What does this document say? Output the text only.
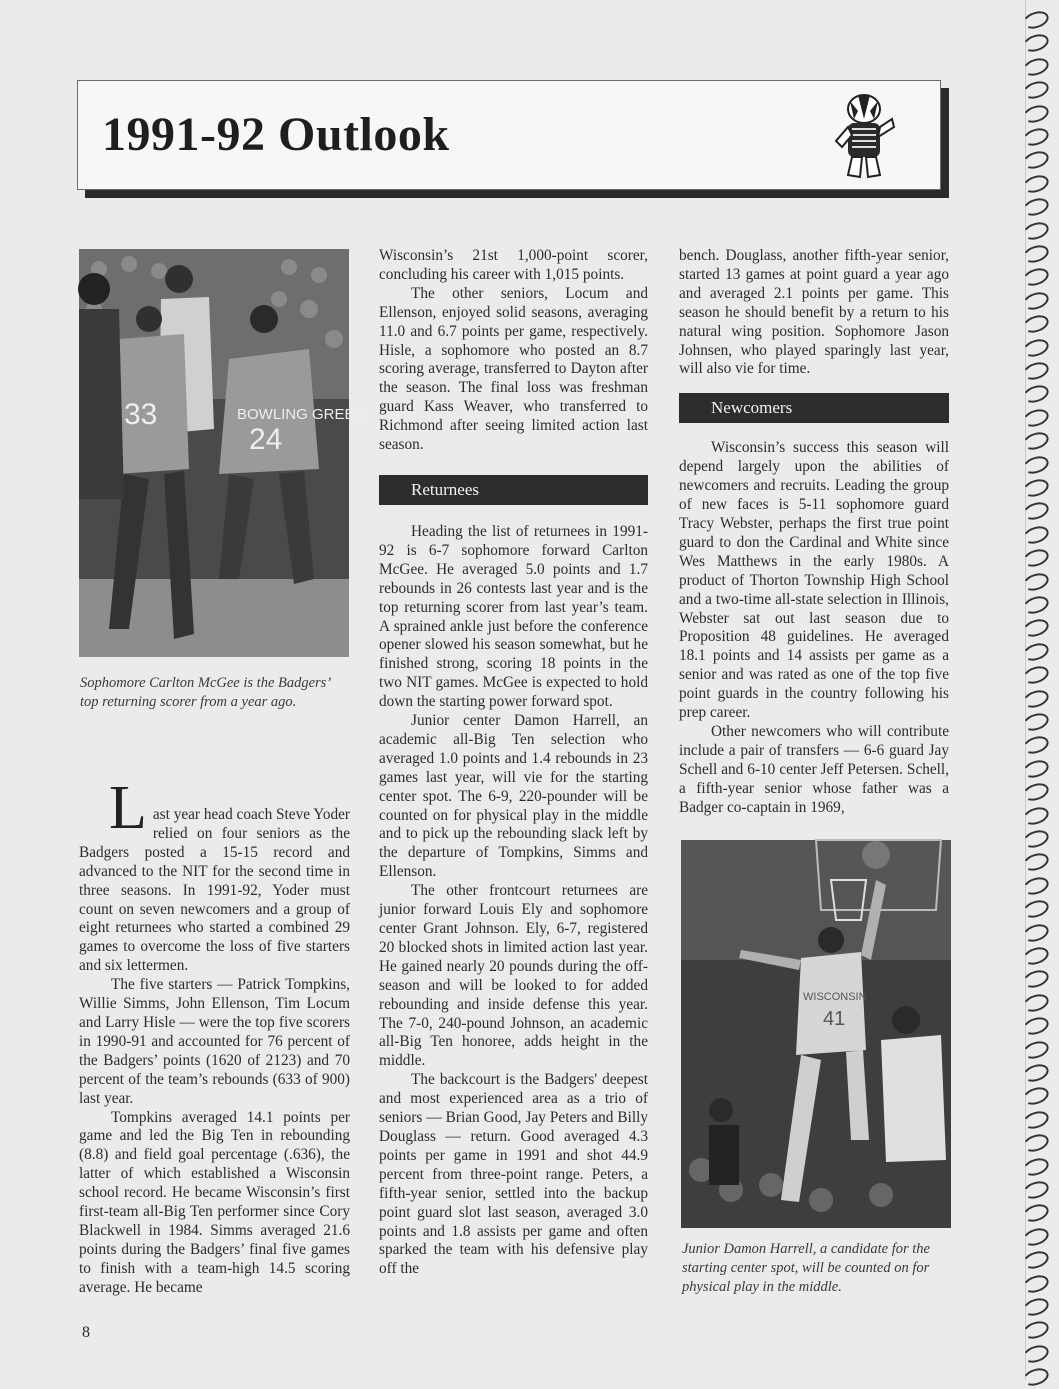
1991-92 Outlook
BOWLING GREEN
24
33

Sophomore Carlton McGee is the Badgers’ top returning scorer from a year ago.

Last year head coach Steve Yoder relied on four seniors as the Badgers posted a 15-15 record and advanced to the NIT for the second time in three seasons. In 1991-92, Yoder must count on seven newcomers and a group of eight returnees who started a combined 29 games to overcome the loss of five starters and six lettermen.

The five starters — Patrick Tompkins, Willie Simms, John Ellenson, Tim Locum and Larry Hisle — were the top five scorers in 1990-91 and accounted for 76 percent of the Badgers’ points (1620 of 2123) and 70 percent of the team’s rebounds (633 of 900) last year.

Tompkins averaged 14.1 points per game and led the Big Ten in rebounding (8.8) and field goal percentage (.636), the latter of which established a Wisconsin school record. He became Wisconsin’s first first-team all-Big Ten performer since Cory Blackwell in 1984. Simms averaged 21.6 points during the Badgers’ final five games to finish with a team-high 14.5 scoring average. He became

Wisconsin’s 21st 1,000-point scorer, concluding his career with 1,015 points.

The other seniors, Locum and Ellenson, enjoyed solid seasons, averaging 11.0 and 6.7 points per game, respectively. Hisle, a sophomore who posted an 8.7 scoring average, transferred to Dayton after the season. The final loss was freshman guard Kass Weaver, who transferred to Richmond after seeing limited action last season.

Returnees

Heading the list of returnees in 1991-92 is 6-7 sophomore forward Carlton McGee. He averaged 5.0 points and 1.7 rebounds in 26 contests last year and is the top returning scorer from last year’s team. A sprained ankle just before the conference opener slowed his season somewhat, but he finished strong, scoring 18 points in the two NIT games. McGee is expected to hold down the starting power forward spot.

Junior center Damon Harrell, an academic all-Big Ten selection who averaged 1.0 points and 1.4 rebounds in 23 games last year, will vie for the starting center spot. The 6-9, 220-pounder will be counted on for physical play in the middle and to pick up the rebounding slack left by the departure of Tompkins, Simms and Ellenson.

The other frontcourt returnees are junior forward Louis Ely and sophomore center Grant Johnson. Ely, 6-7, registered 20 blocked shots in limited action last year. He gained nearly 20 pounds during the off-season and will be looked to for added rebounding and inside defense this year. The 7-0, 240-pound Johnson, an academic all-Big Ten honoree, adds height in the middle.

The backcourt is the Badgers' deepest and most experienced area as a trio of seniors — Brian Good, Jay Peters and Billy Douglass — return. Good averaged 4.3 points per game in 1991 and shot 44.9 percent from three-point range. Peters, a fifth-year senior, settled into the backup point guard slot last season, averaged 3.0 points and 1.8 assists per game and often sparked the team with his defensive play off the

bench. Douglass, another fifth-year senior, started 13 games at point guard a year ago and averaged 2.1 points per game. This season he should benefit by a return to his natural wing position. Sophomore Jason Johnsen, who played sparingly last year, will also vie for time.

Newcomers

Wisconsin’s success this season will depend largely upon the abilities of newcomers and recruits. Leading the group of new faces is 5-11 sophomore guard Tracy Webster, perhaps the first true point guard to don the Cardinal and White since Wes Matthews in the early 1980s. A product of Thorton Township High School and a two-time all-state selection in Illinois, Webster sat out last season due to Proposition 48 guidelines. He averaged 18.1 points and 14 assists per game as a senior and was rated as one of the top five point guards in the country following his prep career.

Other newcomers who will contribute include a pair of transfers — 6-6 guard Jay Schell and 6-10 center Jeff Petersen. Schell, a fifth-year senior whose father was a Badger co-captain in 1969,

WISCONSIN
41

Junior Damon Harrell, a candidate for the starting center spot, will be counted on for physical play in the middle.

8
